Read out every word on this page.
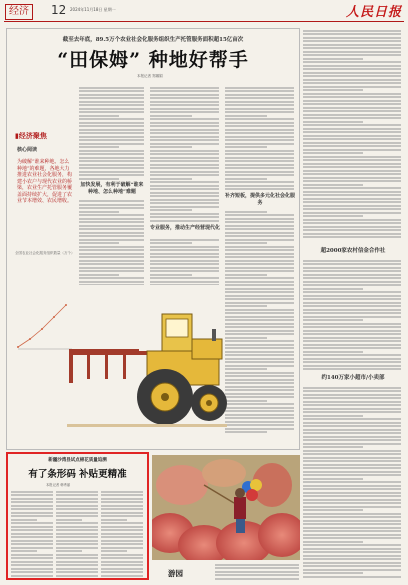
经济	12 2024年11月18日 星期一	人民日报
截至去年底，89.5万个农业社会化服务组织生产托管服务面积超15亿亩次
“田保姆” 种地好帮手
本报记者 郑娜娟
▮经济聚焦
核心阅读
为破解“谁来种地、怎么种地”的难题，各地大力推进农业社会化服务，构建小农户与现代农业的桥梁，农业生产托管服务覆盖面持续扩大，促进了农业节本增效、农民增收。
全国农业社会化服务组织数量（万个）
加快发展，有利于破解“谁来种地、怎么种地”难题
专业服务，推动生产经营现代化
补齐短板，提供多元化社会化服务
超2000家农村信金合作社
约140万家小超市/小卖部
新疆沙湾县试点棉花质量追溯
有了条形码 补贴更精准
本报记者 韩秀丽
游园
